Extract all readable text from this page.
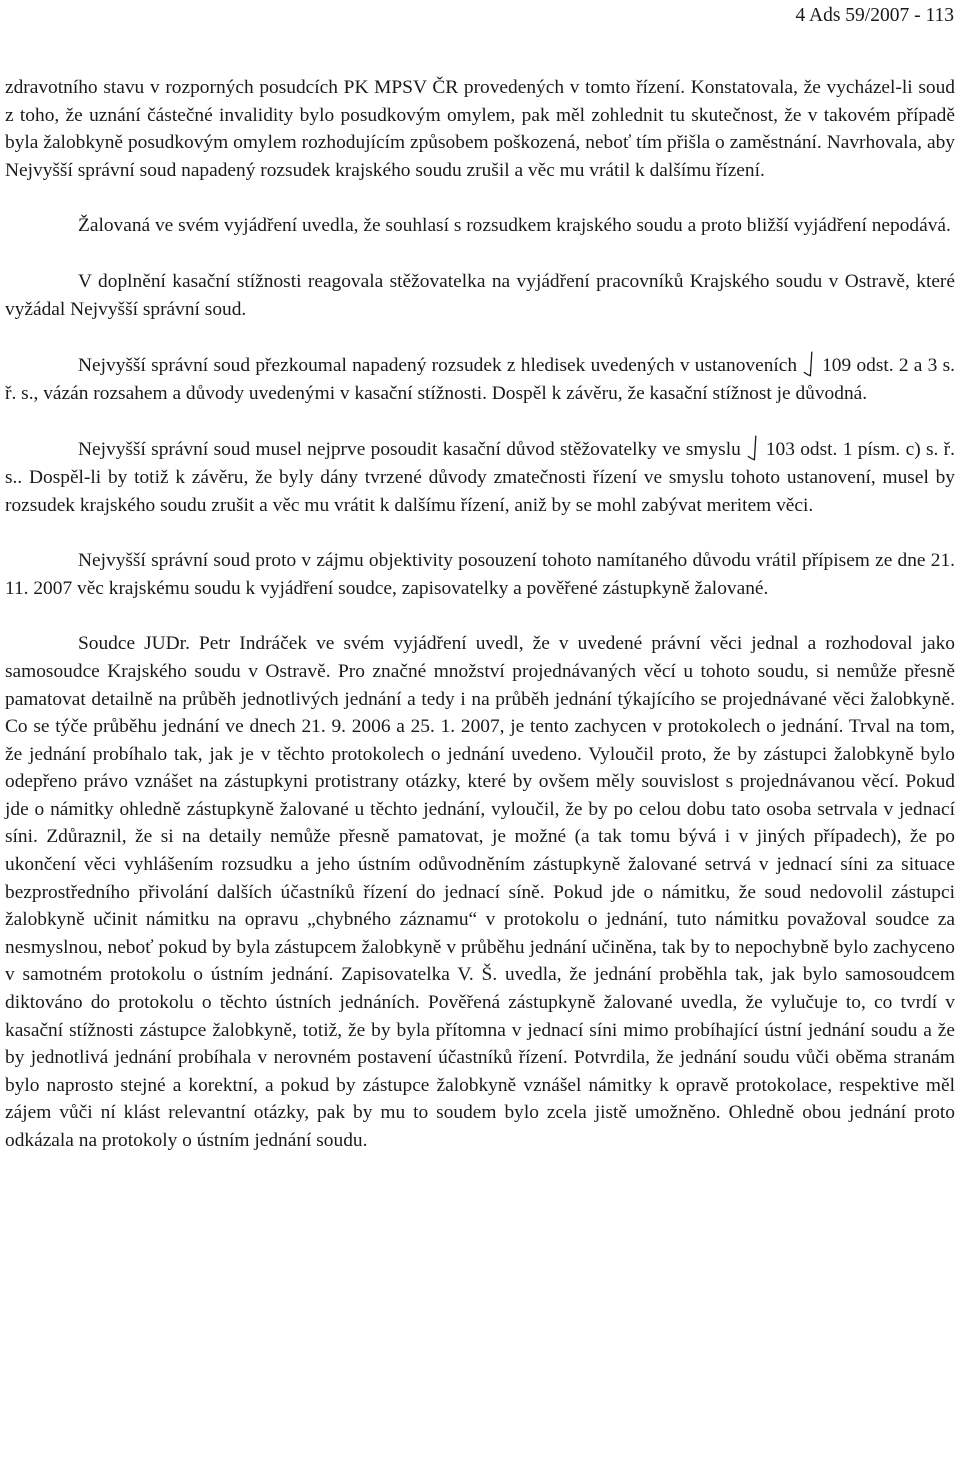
4 Ads 59/2007 - 113

zdravotního stavu v rozporných posudcích PK MPSV ČR provedených v tomto řízení. Konstatovala, že vycházel-li soud z toho, že uznání částečné invalidity bylo posudkovým omylem, pak měl zohlednit tu skutečnost, že v takovém případě byla žalobkyně posudkovým omylem rozhodujícím způsobem poškozená, neboť tím přišla o zaměstnání. Navrhovala, aby Nejvyšší správní soud napadený rozsudek krajského soudu zrušil a věc mu vrátil k dalšímu řízení.

Žalovaná ve svém vyjádření uvedla, že souhlasí s rozsudkem krajského soudu a proto bližší vyjádření nepodává.

V doplnění kasační stížnosti reagovala stěžovatelka na vyjádření pracovníků Krajského soudu v Ostravě, které vyžádal Nejvyšší správní soud.

Nejvyšší správní soud přezkoumal napadený rozsudek z hledisek uvedených v ustanoveních 109 odst. 2 a 3 s. ř. s., vázán rozsahem a důvody uvedenými v kasační stížnosti. Dospěl k závěru, že kasační stížnost je důvodná.

Nejvyšší správní soud musel nejprve posoudit kasační důvod stěžovatelky ve smyslu 103 odst. 1 písm. c) s. ř. s.. Dospěl-li by totiž k závěru, že byly dány tvrzené důvody zmatečnosti řízení ve smyslu tohoto ustanovení, musel by rozsudek krajského soudu zrušit a věc mu vrátit k dalšímu řízení, aniž by se mohl zabývat meritem věci.

Nejvyšší správní soud proto v zájmu objektivity posouzení tohoto namítaného důvodu vrátil přípisem ze dne 21. 11. 2007 věc krajskému soudu k vyjádření soudce, zapisovatelky a pověřené zástupkyně žalované.

Soudce JUDr. Petr Indráček ve svém vyjádření uvedl, že v uvedené právní věci jednal a rozhodoval jako samosoudce Krajského soudu v Ostravě. Pro značné množství projednávaných věcí u tohoto soudu, si nemůže přesně pamatovat detailně na průběh jednotlivých jednání a tedy i na průběh jednání týkajícího se projednávané věci žalobkyně. Co se týče průběhu jednání ve dnech 21. 9. 2006 a 25. 1. 2007, je tento zachycen v protokolech o jednání. Trval na tom, že jednání probíhalo tak, jak je v těchto protokolech o jednání uvedeno. Vyloučil proto, že by zástupci žalobkyně bylo odepřeno právo vznášet na zástupkyni protistrany otázky, které by ovšem měly souvislost s projednávanou věcí. Pokud jde o námitky ohledně zástupkyně žalované u těchto jednání, vyloučil, že by po celou dobu tato osoba setrvala v jednací síni. Zdůraznil, že si na detaily nemůže přesně pamatovat, je možné (a tak tomu bývá i v jiných případech), že po ukončení věci vyhlášením rozsudku a jeho ústním odůvodněním zástupkyně žalované setrvá v jednací síni za situace bezprostředního přivolání dalších účastníků řízení do jednací síně. Pokud jde o námitku, že soud nedovolil zástupci žalobkyně učinit námitku na opravu „chybného záznamu“ v protokolu o jednání, tuto námitku považoval soudce za nesmyslnou, neboť pokud by byla zástupcem žalobkyně v průběhu jednání učiněna, tak by to nepochybně bylo zachyceno v samotném protokolu o ústním jednání. Zapisovatelka V. Š. uvedla, že jednání proběhla tak, jak bylo samosoudcem diktováno do protokolu o těchto ústních jednáních. Pověřená zástupkyně žalované uvedla, že vylučuje to, co tvrdí v kasační stížnosti zástupce žalobkyně, totiž, že by byla přítomna v jednací síni mimo probíhající ústní jednání soudu a že by jednotlivá jednání probíhala v nerovném postavení účastníků řízení. Potvrdila, že jednání soudu vůči oběma stranám bylo naprosto stejné a korektní, a pokud by zástupce žalobkyně vznášel námitky k opravě protokolace, respektive měl zájem vůči ní klást relevantní otázky, pak by mu to soudem bylo zcela jistě umožněno. Ohledně obou jednání proto odkázala na protokoly o ústním jednání soudu.
